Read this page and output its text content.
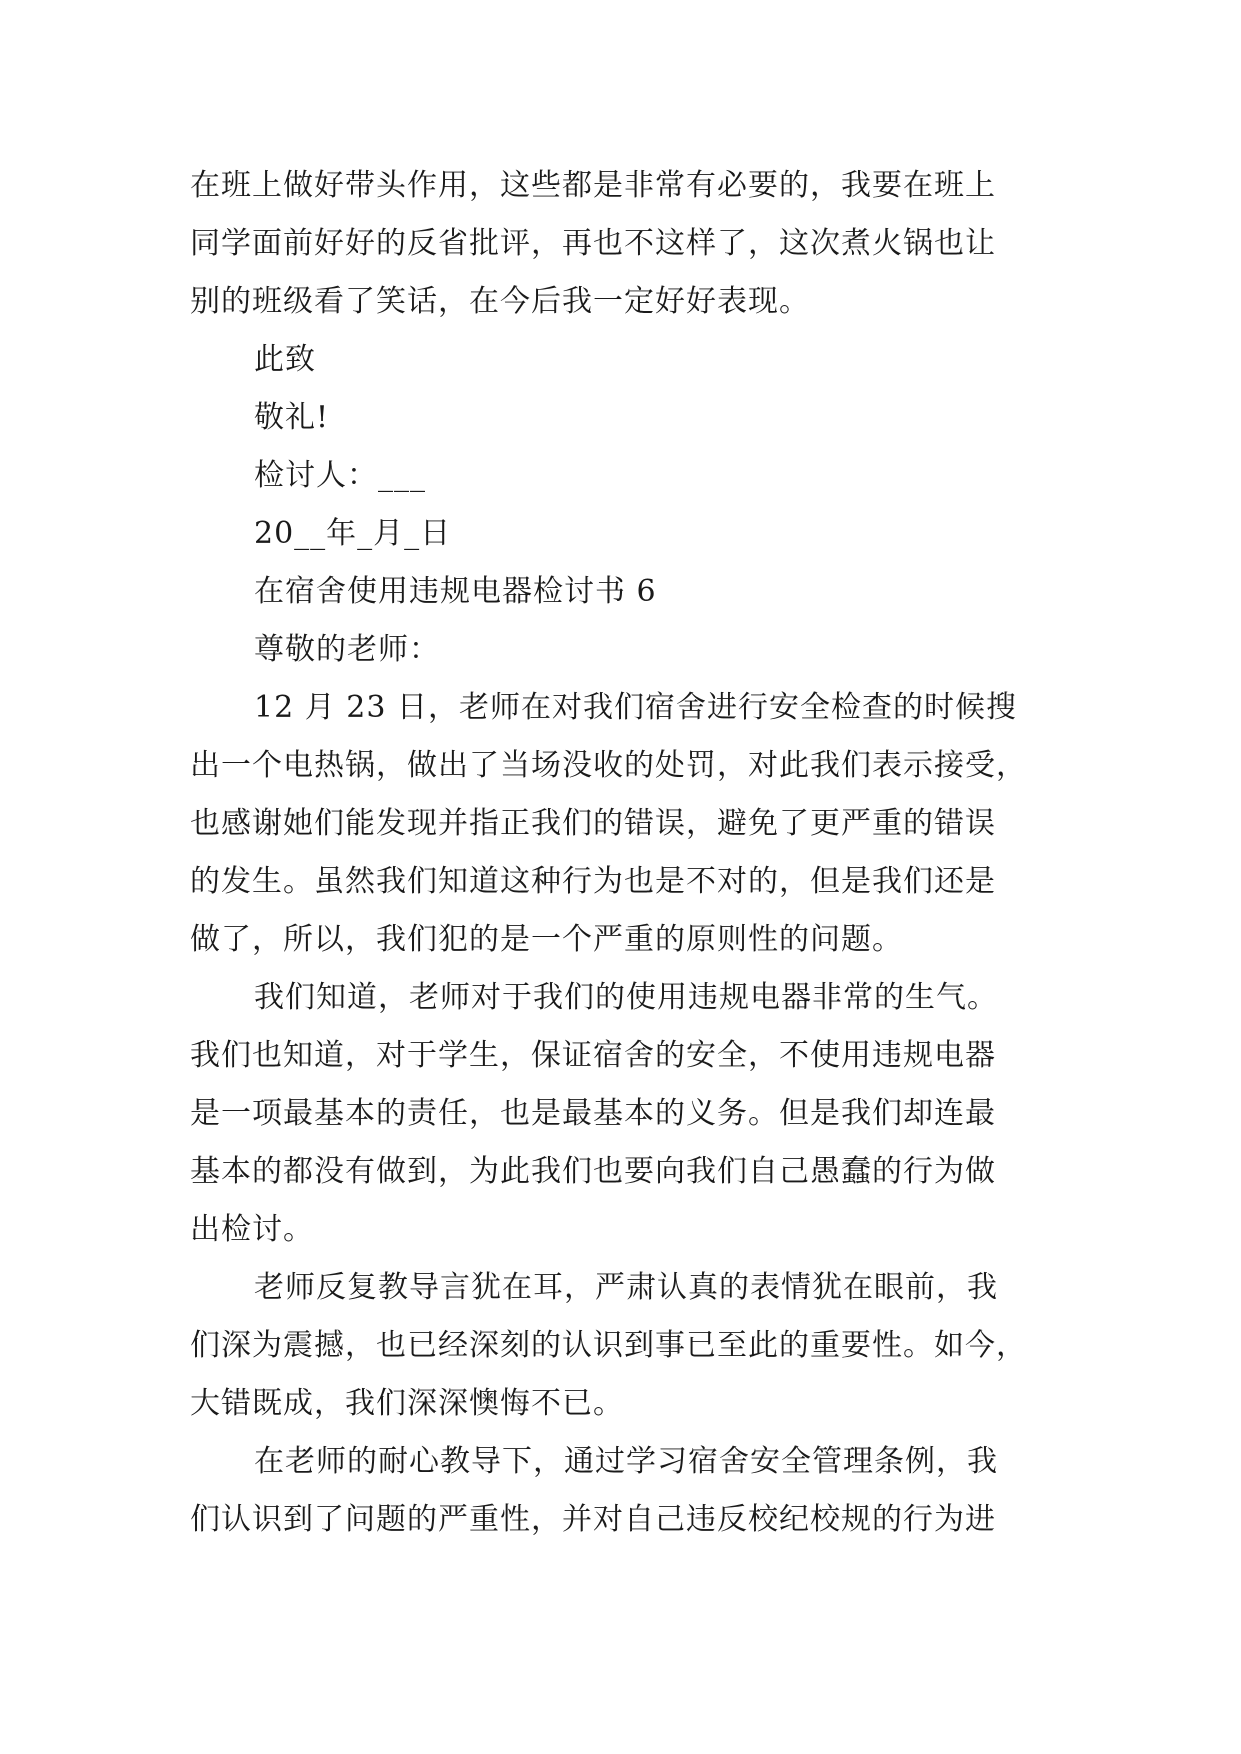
在班上做好带头作用，这些都是非常有必要的，我要在班上
同学面前好好的反省批评，再也不这样了，这次煮火锅也让
别的班级看了笑话，在今后我一定好好表现。
此致
敬礼!
检讨人：___
20__年_月_日
在宿舍使用违规电器检讨书 6
尊敬的老师：
12 月 23 日，老师在对我们宿舍进行安全检查的时候搜
出一个电热锅，做出了当场没收的处罚，对此我们表示接受，
也感谢她们能发现并指正我们的错误，避免了更严重的错误
的发生。虽然我们知道这种行为也是不对的，但是我们还是
做了，所以，我们犯的是一个严重的原则性的问题。
我们知道，老师对于我们的使用违规电器非常的生气。
我们也知道，对于学生，保证宿舍的安全，不使用违规电器
是一项最基本的责任，也是最基本的义务。但是我们却连最
基本的都没有做到，为此我们也要向我们自己愚蠢的行为做
出检讨。
老师反复教导言犹在耳，严肃认真的表情犹在眼前，我
们深为震撼，也已经深刻的认识到事已至此的重要性。如今，
大错既成，我们深深懊悔不已。
在老师的耐心教导下，通过学习宿舍安全管理条例，我
们认识到了问题的严重性，并对自己违反校纪校规的行为进
